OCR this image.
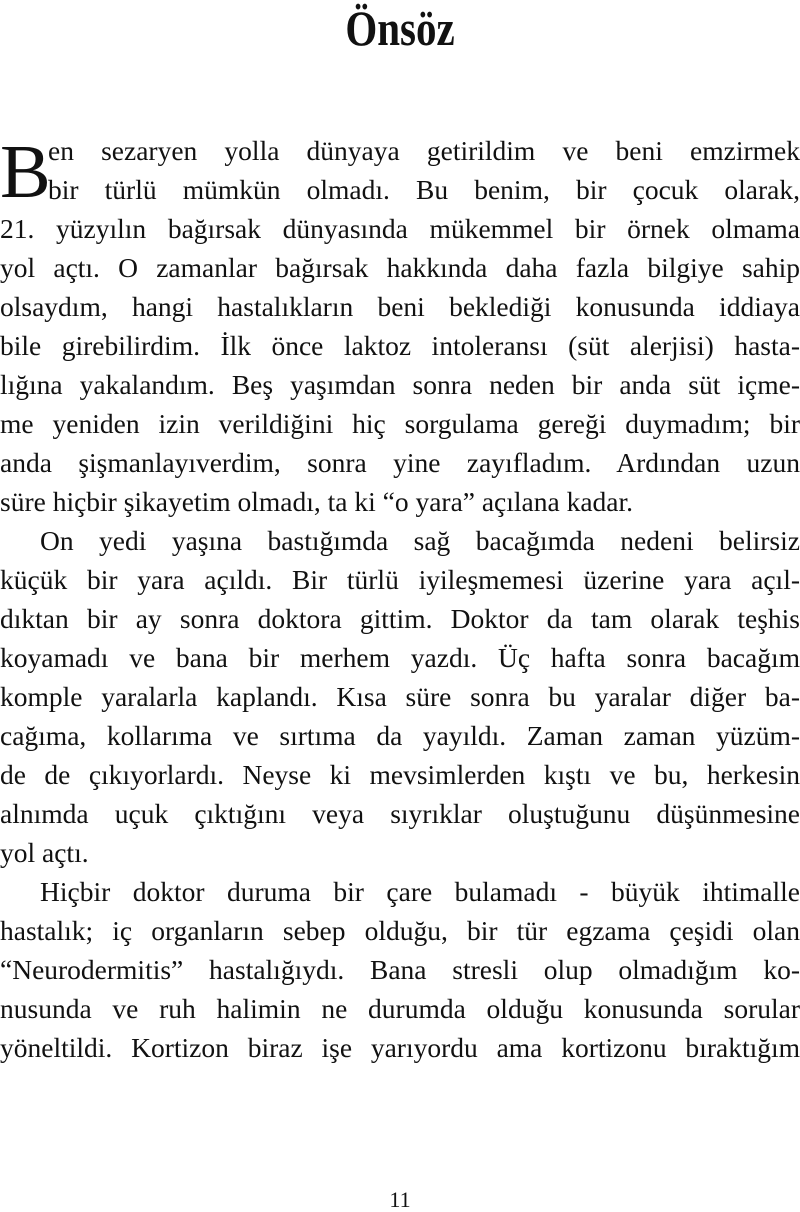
Önsöz
B
en sezaryen yolla dünyaya getirildim ve beni emzirmek
bir türlü mümkün olmadı. Bu benim, bir çocuk olarak,
21. yüzyılın bağırsak dünyasında mükemmel bir örnek olmama
yol açtı. O zamanlar bağırsak hakkında daha fazla bilgiye sahip
olsaydım, hangi hastalıkların beni beklediği konusunda iddiaya
bile girebilirdim. İlk önce laktoz intoleransı (süt alerjisi) hasta-
lığına yakalandım. Beş yaşımdan sonra neden bir anda süt içme-
me yeniden izin verildiğini hiç sorgulama gereği duymadım; bir
anda şişmanlayıverdim, sonra yine zayıfladım. Ardından uzun
süre hiçbir şikayetim olmadı, ta ki “o yara” açılana kadar.
On yedi yaşına bastığımda sağ bacağımda nedeni belirsiz
küçük bir yara açıldı. Bir türlü iyileşmemesi üzerine yara açıl-
dıktan bir ay sonra doktora gittim. Doktor da tam olarak teşhis
koyamadı ve bana bir merhem yazdı. Üç hafta sonra bacağım
komple yaralarla kaplandı. Kısa süre sonra bu yaralar diğer ba-
cağıma, kollarıma ve sırtıma da yayıldı. Zaman zaman yüzüm-
de de çıkıyorlardı. Neyse ki mevsimlerden kıştı ve bu, herkesin
alnımda uçuk çıktığını veya sıyrıklar oluştuğunu düşünmesine
yol açtı.
Hiçbir doktor duruma bir çare bulamadı - büyük ihtimalle
hastalık; iç organların sebep olduğu, bir tür egzama çeşidi olan
“Neurodermitis” hastalığıydı. Bana stresli olup olmadığım ko-
nusunda ve ruh halimin ne durumda olduğu konusunda sorular
yöneltildi. Kortizon biraz işe yarıyordu ama kortizonu bıraktığım
11
